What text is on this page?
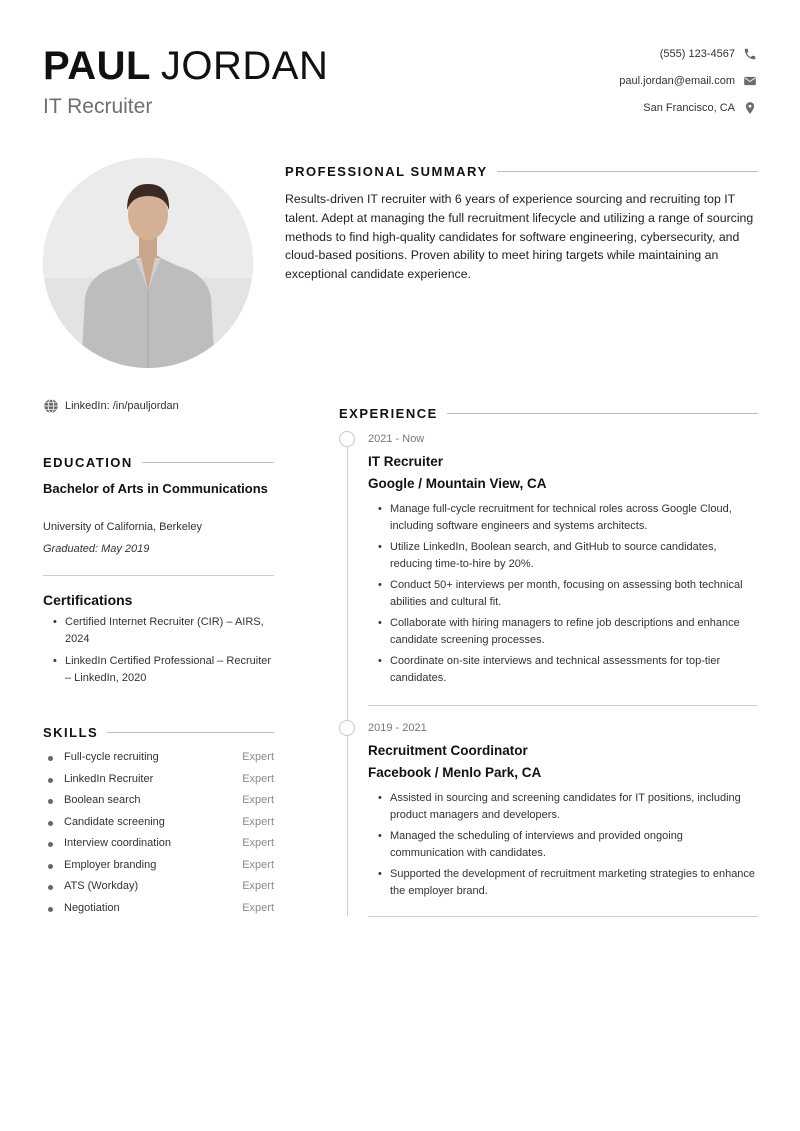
PAUL JORDAN
IT Recruiter
(555) 123-4567
paul.jordan@email.com
San Francisco, CA
PROFESSIONAL SUMMARY
Results-driven IT recruiter with 6 years of experience sourcing and recruiting top IT talent. Adept at managing the full recruitment lifecycle and utilizing a range of sourcing methods to find high-quality candidates for software engineering, cybersecurity, and cloud-based positions. Proven ability to meet hiring targets while maintaining an exceptional candidate experience.
LinkedIn: /in/pauljordan
EDUCATION
Bachelor of Arts in Communications
University of California, Berkeley
Graduated: May 2019
Certifications
• Certified Internet Recruiter (CIR) – AIRS, 2024
• LinkedIn Certified Professional – Recruiter – LinkedIn, 2020
SKILLS
Full-cycle recruiting	Expert
LinkedIn Recruiter	Expert
Boolean search	Expert
Candidate screening	Expert
Interview coordination	Expert
Employer branding	Expert
ATS (Workday)	Expert
Negotiation	Expert
EXPERIENCE
2021 - Now
IT Recruiter
Google / Mountain View, CA
• Manage full-cycle recruitment for technical roles across Google Cloud, including software engineers and systems architects.
• Utilize LinkedIn, Boolean search, and GitHub to source candidates, reducing time-to-hire by 20%.
• Conduct 50+ interviews per month, focusing on assessing both technical abilities and cultural fit.
• Collaborate with hiring managers to refine job descriptions and enhance candidate screening processes.
• Coordinate on-site interviews and technical assessments for top-tier candidates.
2019 - 2021
Recruitment Coordinator
Facebook / Menlo Park, CA
• Assisted in sourcing and screening candidates for IT positions, including product managers and developers.
• Managed the scheduling of interviews and provided ongoing communication with candidates.
• Supported the development of recruitment marketing strategies to enhance the employer brand.
